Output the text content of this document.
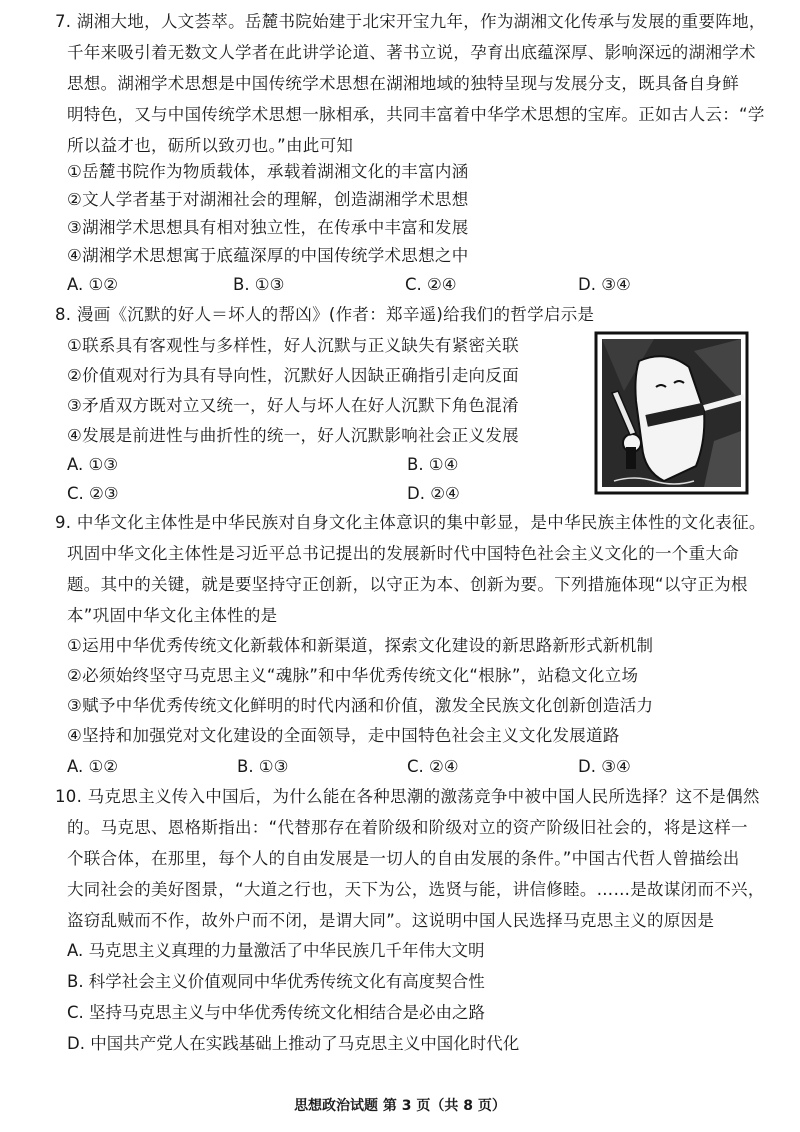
7. 湖湘大地，人文荟萃。岳麓书院始建于北宋开宝九年，作为湖湘文化传承与发展的重要阵地，
千年来吸引着无数文人学者在此讲学论道、著书立说，孕育出底蕴深厚、影响深远的湖湘学术
思想。湖湘学术思想是中国传统学术思想在湖湘地域的独特呈现与发展分支，既具备自身鲜
明特色，又与中国传统学术思想一脉相承，共同丰富着中华学术思想的宝库。正如古人云：“学
所以益才也，砺所以致刃也。”由此可知
①岳麓书院作为物质载体，承载着湖湘文化的丰富内涵
②文人学者基于对湖湘社会的理解，创造湖湘学术思想
③湖湘学术思想具有相对独立性，在传承中丰富和发展
④湖湘学术思想寓于底蕴深厚的中国传统学术思想之中
A. ①②	B. ①③	C. ②④	D. ③④
8. 漫画《沉默的好人＝坏人的帮凶》(作者：郑辛遥)给我们的哲学启示是
①联系具有客观性与多样性，好人沉默与正义缺失有紧密关联
②价值观对行为具有导向性，沉默好人因缺正确指引走向反面
③矛盾双方既对立又统一，好人与坏人在好人沉默下角色混淆
④发展是前进性与曲折性的统一，好人沉默影响社会正义发展
A. ①③	B. ①④
C. ②③	D. ②④
9. 中华文化主体性是中华民族对自身文化主体意识的集中彰显，是中华民族主体性的文化表征。
巩固中华文化主体性是习近平总书记提出的发展新时代中国特色社会主义文化的一个重大命
题。其中的关键，就是要坚持守正创新，以守正为本、创新为要。下列措施体现“以守正为根
本”巩固中华文化主体性的是
①运用中华优秀传统文化新载体和新渠道，探索文化建设的新思路新形式新机制
②必须始终坚守马克思主义“魂脉”和中华优秀传统文化“根脉”，站稳文化立场
③赋予中华优秀传统文化鲜明的时代内涵和价值，激发全民族文化创新创造活力
④坚持和加强党对文化建设的全面领导，走中国特色社会主义文化发展道路
A. ①②	B. ①③	C. ②④	D. ③④
10. 马克思主义传入中国后，为什么能在各种思潮的激荡竞争中被中国人民所选择？这不是偶然
的。马克思、恩格斯指出：“代替那存在着阶级和阶级对立的资产阶级旧社会的，将是这样一
个联合体，在那里，每个人的自由发展是一切人的自由发展的条件。”中国古代哲人曾描绘出
大同社会的美好图景，“大道之行也，天下为公，选贤与能，讲信修睦。……是故谋闭而不兴，
盗窃乱贼而不作，故外户而不闭，是谓大同”。这说明中国人民选择马克思主义的原因是
A. 马克思主义真理的力量激活了中华民族几千年伟大文明
B. 科学社会主义价值观同中华优秀传统文化有高度契合性
C. 坚持马克思主义与中华优秀传统文化相结合是必由之路
D. 中国共产党人在实践基础上推动了马克思主义中国化时代化
思想政治试题 第 3 页（共 8 页）
